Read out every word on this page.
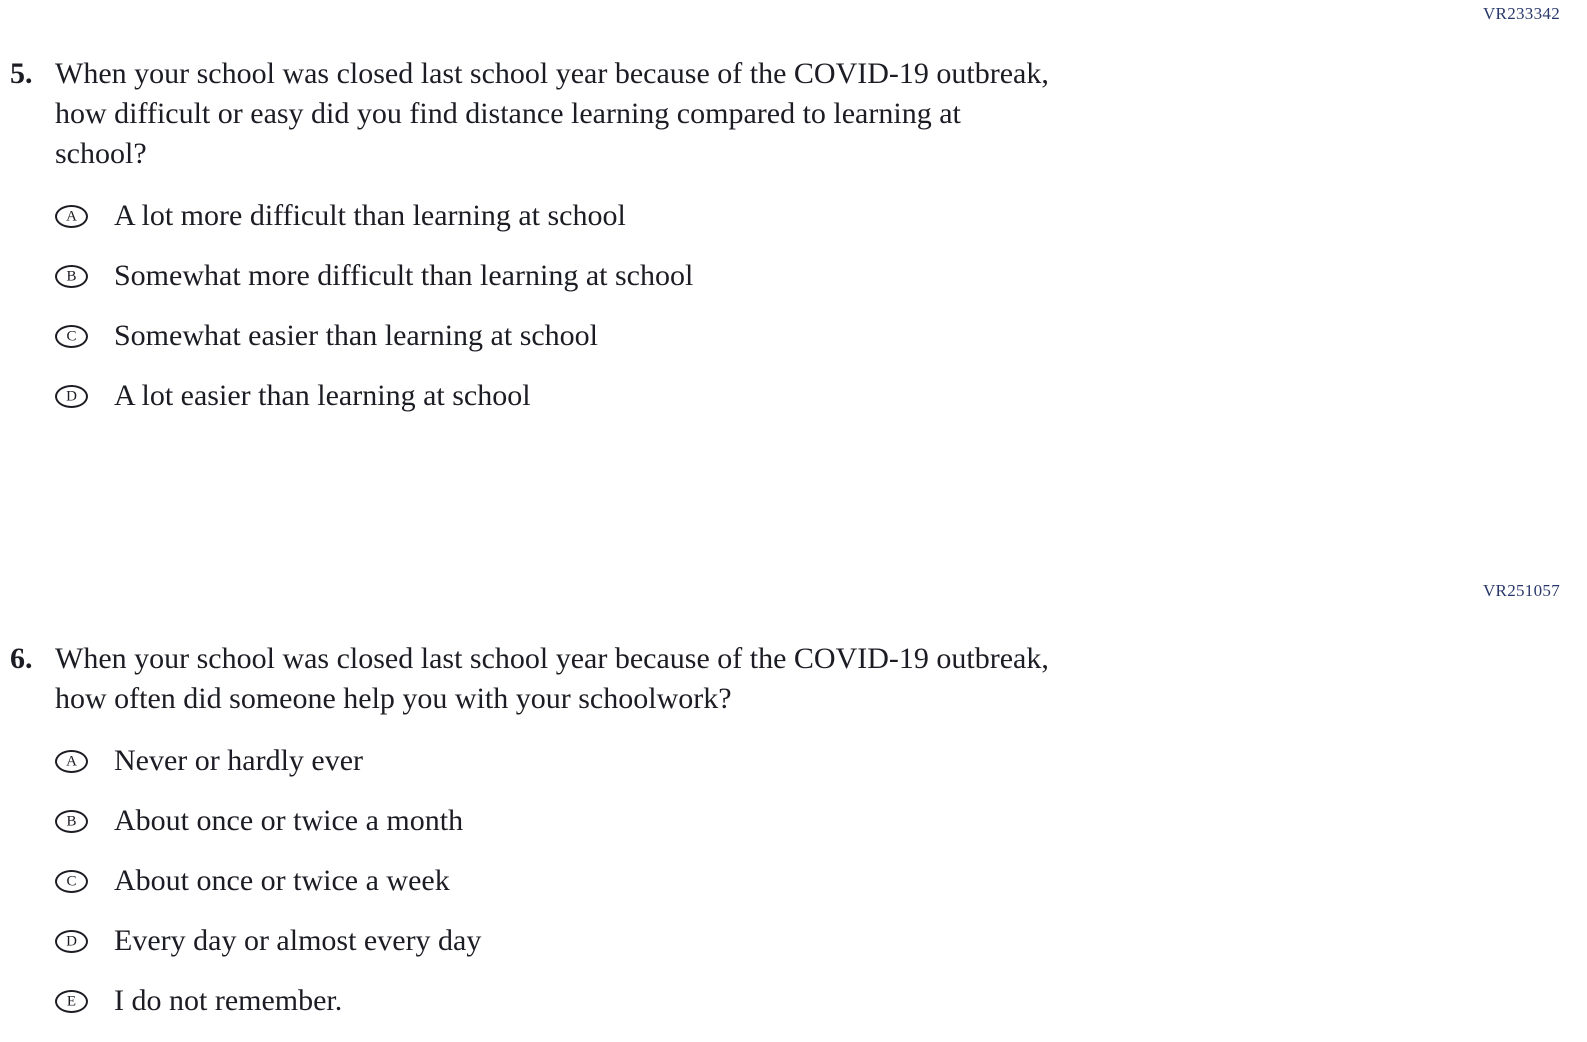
VR233342
5. When your school was closed last school year because of the COVID-19 outbreak,
how difficult or easy did you find distance learning compared to learning at
school?
A A lot more difficult than learning at school
B Somewhat more difficult than learning at school
C Somewhat easier than learning at school
D A lot easier than learning at school
VR251057
6. When your school was closed last school year because of the COVID-19 outbreak,
how often did someone help you with your schoolwork?
A Never or hardly ever
B About once or twice a month
C About once or twice a week
D Every day or almost every day
E I do not remember.
